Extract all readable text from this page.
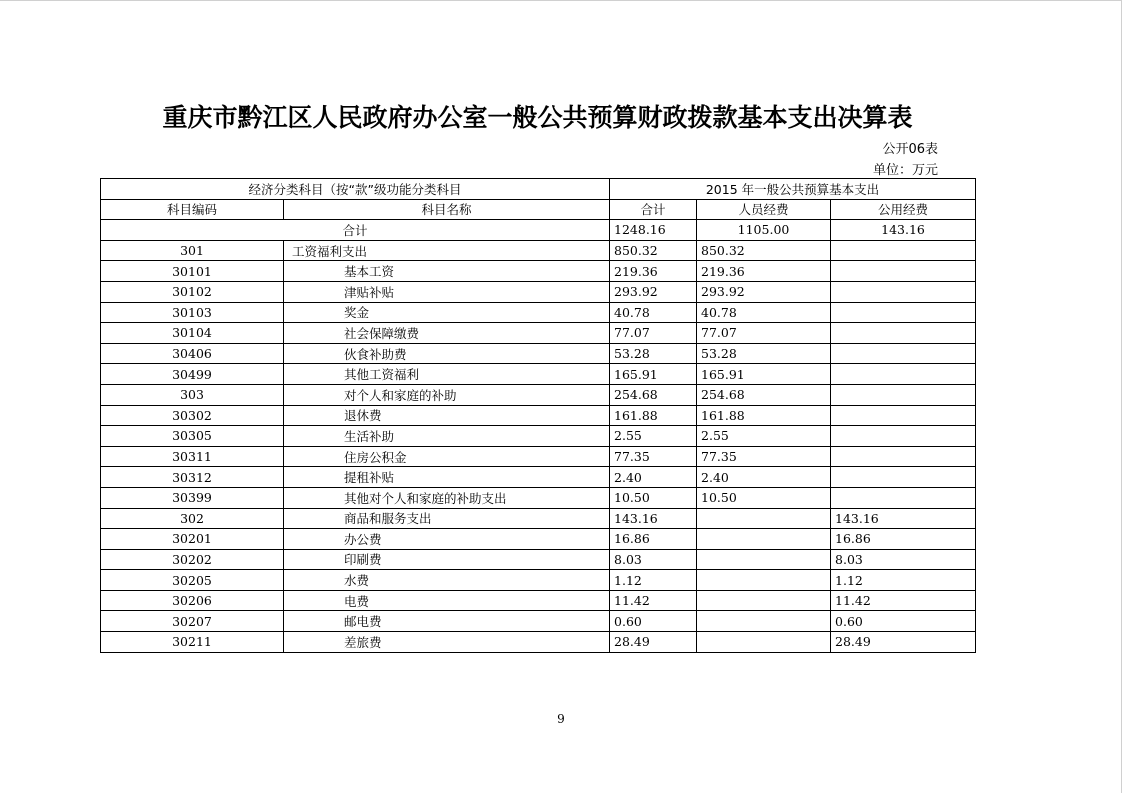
重庆市黔江区人民政府办公室一般公共预算财政拨款基本支出决算表
公开06表
单位：万元
经济分类科目（按“款”级功能分类科目		2015 年一般公共预算基本支出		
科目编码	科目名称	合计	人员经费	公用经费
合计		1248.16	1105.00	143.16
301	工资福利支出	850.32	850.32	
30101	基本工资	219.36	219.36	
30102	津贴补贴	293.92	293.92	
30103	奖金	40.78	40.78	
30104	社会保障缴费	77.07	77.07	
30406	伙食补助费	53.28	53.28	
30499	其他工资福利	165.91	165.91	
303	对个人和家庭的补助	254.68	254.68	
30302	退休费	161.88	161.88	
30305	生活补助	2.55	2.55	
30311	住房公积金	77.35	77.35	
30312	提租补贴	2.40	2.40	
30399	其他对个人和家庭的补助支出	10.50	10.50	
302	商品和服务支出	143.16		143.16
30201	办公费	16.86		16.86
30202	印刷费	8.03		8.03
30205	水费	1.12		1.12
30206	电费	11.42		11.42
30207	邮电费	0.60		0.60
30211	差旅费	28.49		28.49
9
